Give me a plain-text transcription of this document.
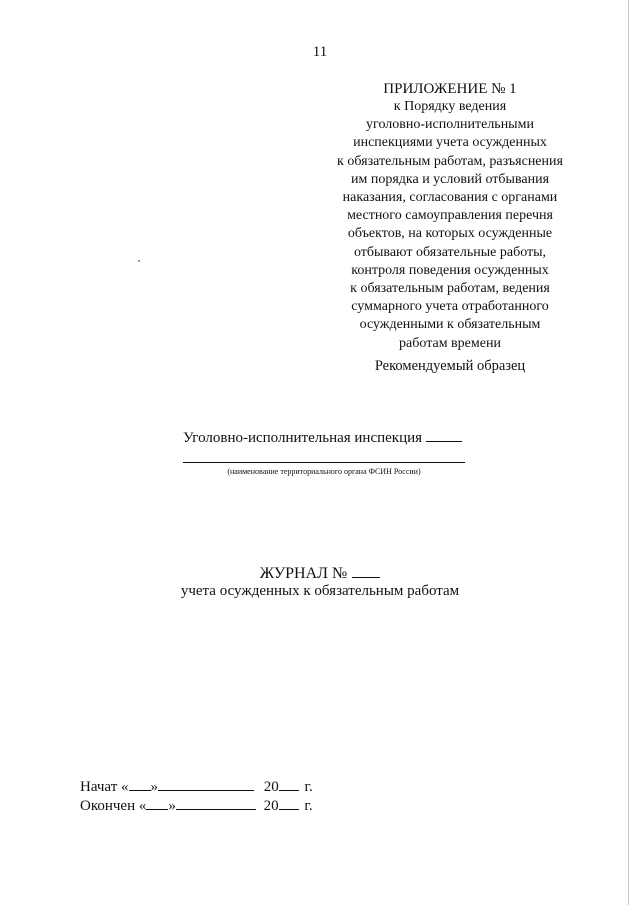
11
ПРИЛОЖЕНИЕ № 1
к Порядку ведения
уголовно-исполнительными
инспекциями учета осужденных
к обязательным работам, разъяснения
им порядка и условий отбывания
наказания, согласования с органами
местного самоуправления перечня
объектов, на которых осужденные
отбывают обязательные работы,
контроля поведения осужденных
к обязательным работам, ведения
суммарного учета отработанного
осужденными к обязательным
работам времени
Рекомендуемый образец
Уголовно-исполнительная инспекция
(наименование территориального органа ФСИН России)
ЖУРНАЛ №
учета осужденных к обязательным работам
Начат « »	20 г.
Окончен « »	20 г.
